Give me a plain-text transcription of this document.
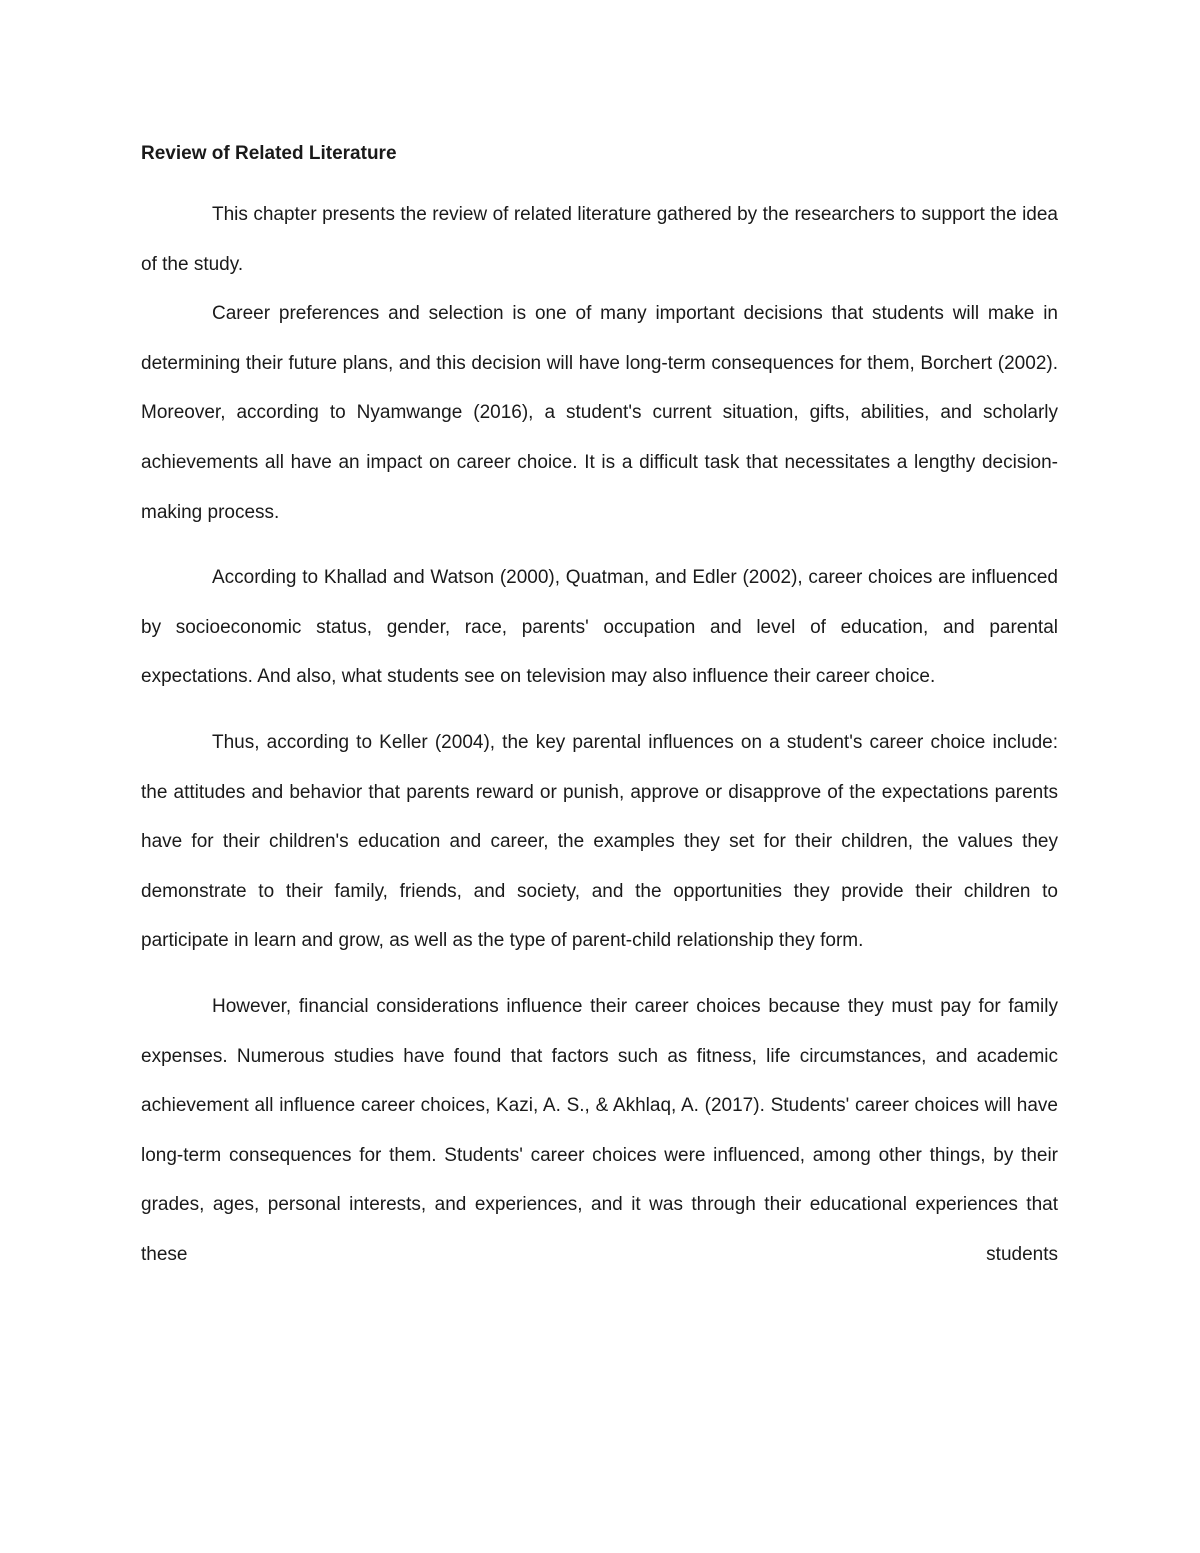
Review of Related Literature

This chapter presents the review of related literature gathered by the researchers to support the idea of the study.

Career preferences and selection is one of many important decisions that students will make in determining their future plans, and this decision will have long-term consequences for them, Borchert (2002). Moreover, according to Nyamwange (2016), a student's current situation, gifts, abilities, and scholarly achievements all have an impact on career choice. It is a difficult task that necessitates a lengthy decision-making process.

According to Khallad and Watson (2000), Quatman, and Edler (2002), career choices are influenced by socioeconomic status, gender, race, parents' occupation and level of education, and parental expectations. And also, what students see on television may also influence their career choice.

Thus, according to Keller (2004), the key parental influences on a student's career choice include: the attitudes and behavior that parents reward or punish, approve or disapprove of the expectations parents have for their children's education and career, the examples they set for their children, the values they demonstrate to their family, friends, and society, and the opportunities they provide their children to participate in learn and grow, as well as the type of parent-child relationship they form.

However, financial considerations influence their career choices because they must pay for family expenses. Numerous studies have found that factors such as fitness, life circumstances, and academic achievement all influence career choices, Kazi, A. S., & Akhlaq, A. (2017). Students' career choices will have long-term consequences for them. Students' career choices were influenced, among other things, by their grades, ages, personal interests, and experiences, and it was through their educational experiences that these students
